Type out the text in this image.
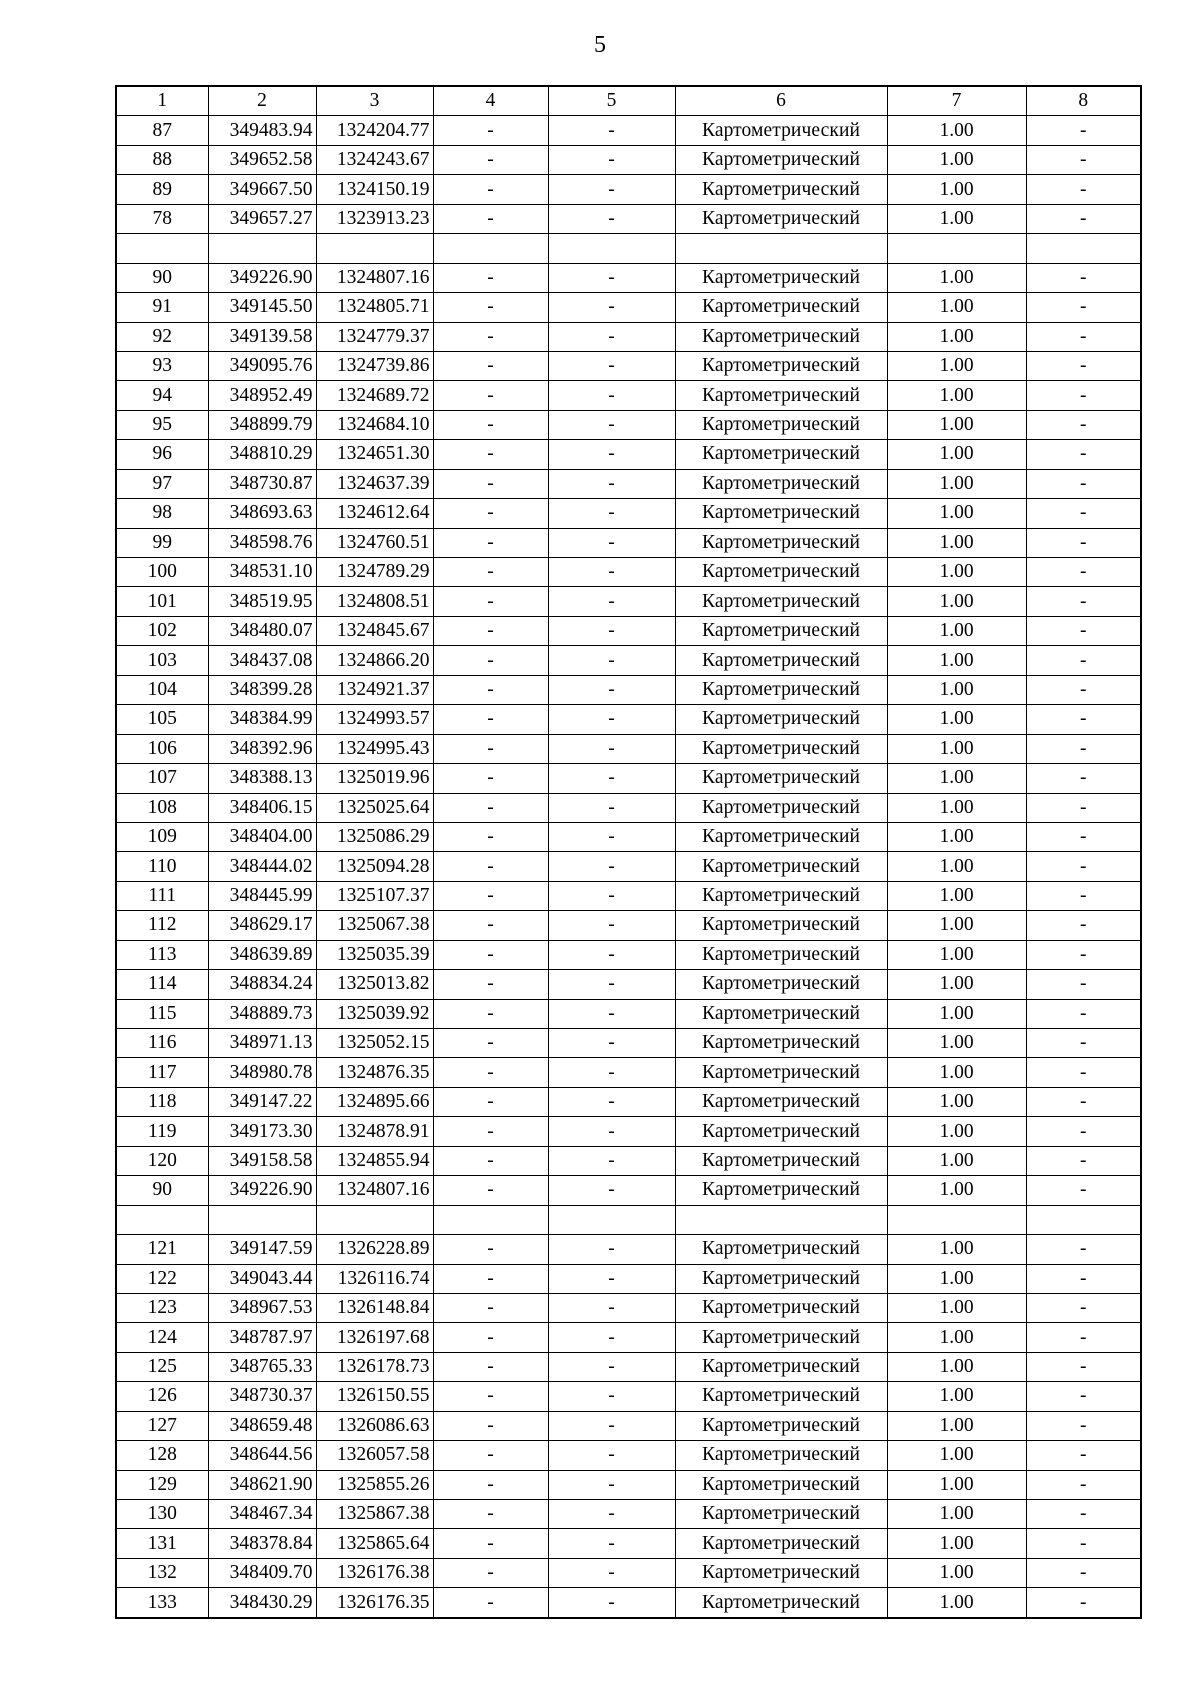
5
1	2	3	4	5	6	7	8
87	349483.94	1324204.77	-	-	Картометрический	1.00	-
88	349652.58	1324243.67	-	-	Картометрический	1.00	-
89	349667.50	1324150.19	-	-	Картометрический	1.00	-
78	349657.27	1323913.23	-	-	Картометрический	1.00	-

90	349226.90	1324807.16	-	-	Картометрический	1.00	-
91	349145.50	1324805.71	-	-	Картометрический	1.00	-
92	349139.58	1324779.37	-	-	Картометрический	1.00	-
93	349095.76	1324739.86	-	-	Картометрический	1.00	-
94	348952.49	1324689.72	-	-	Картометрический	1.00	-
95	348899.79	1324684.10	-	-	Картометрический	1.00	-
96	348810.29	1324651.30	-	-	Картометрический	1.00	-
97	348730.87	1324637.39	-	-	Картометрический	1.00	-
98	348693.63	1324612.64	-	-	Картометрический	1.00	-
99	348598.76	1324760.51	-	-	Картометрический	1.00	-
100	348531.10	1324789.29	-	-	Картометрический	1.00	-
101	348519.95	1324808.51	-	-	Картометрический	1.00	-
102	348480.07	1324845.67	-	-	Картометрический	1.00	-
103	348437.08	1324866.20	-	-	Картометрический	1.00	-
104	348399.28	1324921.37	-	-	Картометрический	1.00	-
105	348384.99	1324993.57	-	-	Картометрический	1.00	-
106	348392.96	1324995.43	-	-	Картометрический	1.00	-
107	348388.13	1325019.96	-	-	Картометрический	1.00	-
108	348406.15	1325025.64	-	-	Картометрический	1.00	-
109	348404.00	1325086.29	-	-	Картометрический	1.00	-
110	348444.02	1325094.28	-	-	Картометрический	1.00	-
111	348445.99	1325107.37	-	-	Картометрический	1.00	-
112	348629.17	1325067.38	-	-	Картометрический	1.00	-
113	348639.89	1325035.39	-	-	Картометрический	1.00	-
114	348834.24	1325013.82	-	-	Картометрический	1.00	-
115	348889.73	1325039.92	-	-	Картометрический	1.00	-
116	348971.13	1325052.15	-	-	Картометрический	1.00	-
117	348980.78	1324876.35	-	-	Картометрический	1.00	-
118	349147.22	1324895.66	-	-	Картометрический	1.00	-
119	349173.30	1324878.91	-	-	Картометрический	1.00	-
120	349158.58	1324855.94	-	-	Картометрический	1.00	-
90	349226.90	1324807.16	-	-	Картометрический	1.00	-

121	349147.59	1326228.89	-	-	Картометрический	1.00	-
122	349043.44	1326116.74	-	-	Картометрический	1.00	-
123	348967.53	1326148.84	-	-	Картометрический	1.00	-
124	348787.97	1326197.68	-	-	Картометрический	1.00	-
125	348765.33	1326178.73	-	-	Картометрический	1.00	-
126	348730.37	1326150.55	-	-	Картометрический	1.00	-
127	348659.48	1326086.63	-	-	Картометрический	1.00	-
128	348644.56	1326057.58	-	-	Картометрический	1.00	-
129	348621.90	1325855.26	-	-	Картометрический	1.00	-
130	348467.34	1325867.38	-	-	Картометрический	1.00	-
131	348378.84	1325865.64	-	-	Картометрический	1.00	-
132	348409.70	1326176.38	-	-	Картометрический	1.00	-
133	348430.29	1326176.35	-	-	Картометрический	1.00	-
